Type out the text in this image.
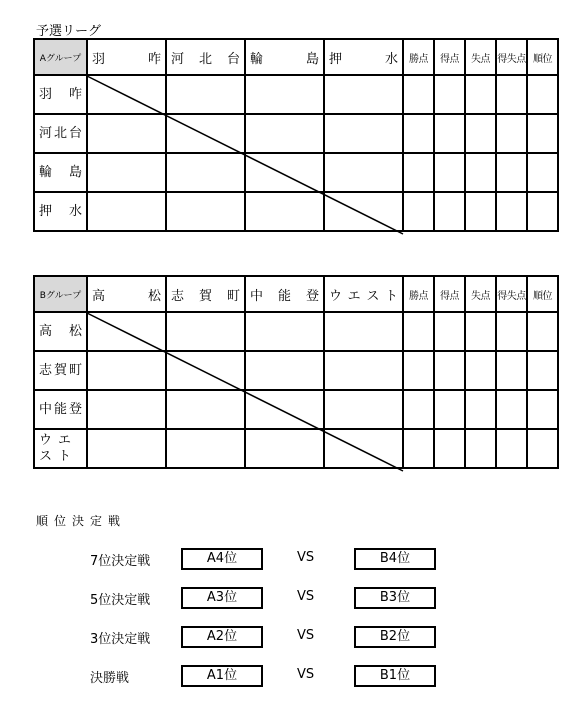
予選リーグ
Aグループ	羽　咋	河北台	輪　島	押　水	勝点	得点	失点	得失点	順位
羽　咋									
河北台									
輪　島									
押　水									
Bグループ	高　松	志賀町	中能登	ウエスト	勝点	得点	失点	得失点	順位
高　松									
志賀町									
中能登									
ウエスト									
順位決定戦
7位決定戦	A4位	VS	B4位
5位決定戦	A3位	VS	B3位
3位決定戦	A2位	VS	B2位
決勝戦	A1位	VS	B1位
